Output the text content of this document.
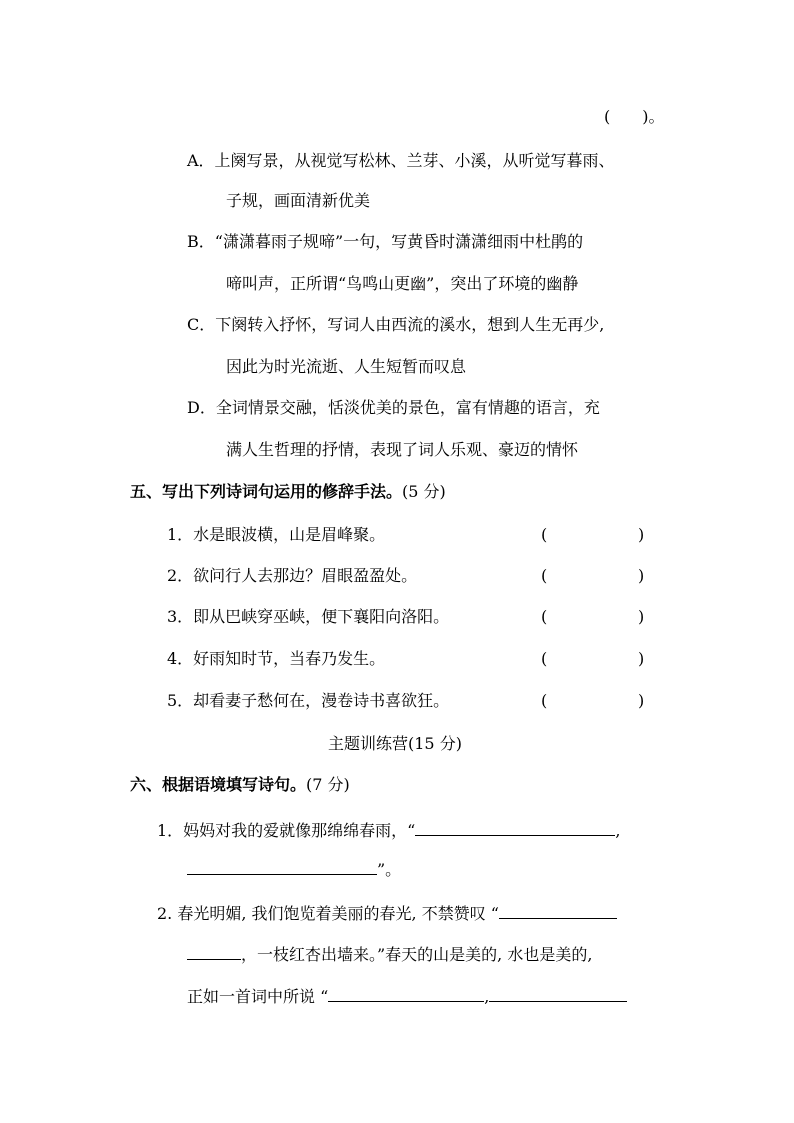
(　　)。
A．上阕写景，从视觉写松林、兰芽、小溪，从听觉写暮雨、
子规，画面清新优美
B．“潇潇暮雨子规啼”一句，写黄昏时潇潇细雨中杜鹃的
啼叫声，正所谓“鸟鸣山更幽”，突出了环境的幽静
C．下阕转入抒怀，写词人由西流的溪水，想到人生无再少,
因此为时光流逝、人生短暂而叹息
D．全词情景交融，恬淡优美的景色，富有情趣的语言，充
满人生哲理的抒情，表现了词人乐观、豪迈的情怀
五、写出下列诗词句运用的修辞手法。(5 分)
1．水是眼波横，山是眉峰聚。	(	)
2．欲问行人去那边？眉眼盈盈处。	(	)
3．即从巴峡穿巫峡，便下襄阳向洛阳。	(	)
4．好雨知时节，当春乃发生。	(	)
5．却看妻子愁何在，漫卷诗书喜欲狂。	(	)
主题训练营(15 分)
六、根据语境填写诗句。(7 分)
1．妈妈对我的爱就像那绵绵春雨，“	,
”。
2. 春光明媚, 我们饱览着美丽的春光, 不禁赞叹 “
，一枝红杏出墙来。”春天的山是美的, 水也是美的,
正如一首词中所说 “	,
